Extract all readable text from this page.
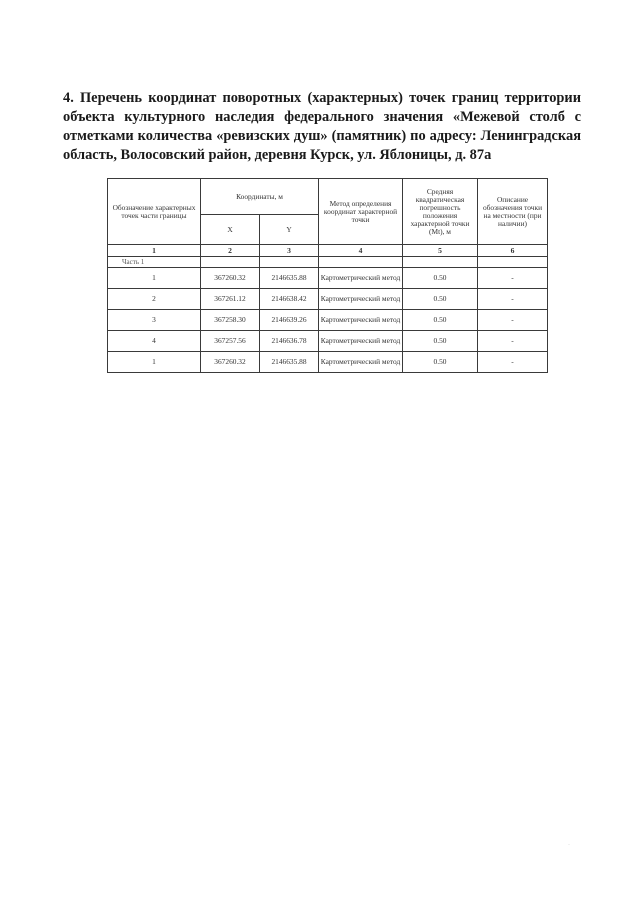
4. Перечень координат поворотных (характерных) точек границ территории объекта культурного наследия федерального значения «Межевой столб с отметками количества «ревизских душ» (памятник) по адресу: Ленинградская область, Волосовский район, деревня Курск, ул. Яблоницы, д. 87а
Обозначение характерных точек части границы	Координаты, м		Метод определения координат характерной точки	Средняя квадратическая погрешность положения характерной точки (Mt), м	Описание обозначения точки на местности (при наличии)
	X	Y			
1	2	3	4	5	6
Часть 1					
1	367260.32	2146635.88	Картометрический метод	0.50	-
2	367261.12	2146638.42	Картометрический метод	0.50	-
3	367258.30	2146639.26	Картометрический метод	0.50	-
4	367257.56	2146636.78	Картометрический метод	0.50	-
1	367260.32	2146635.88	Картометрический метод	0.50	-
·
